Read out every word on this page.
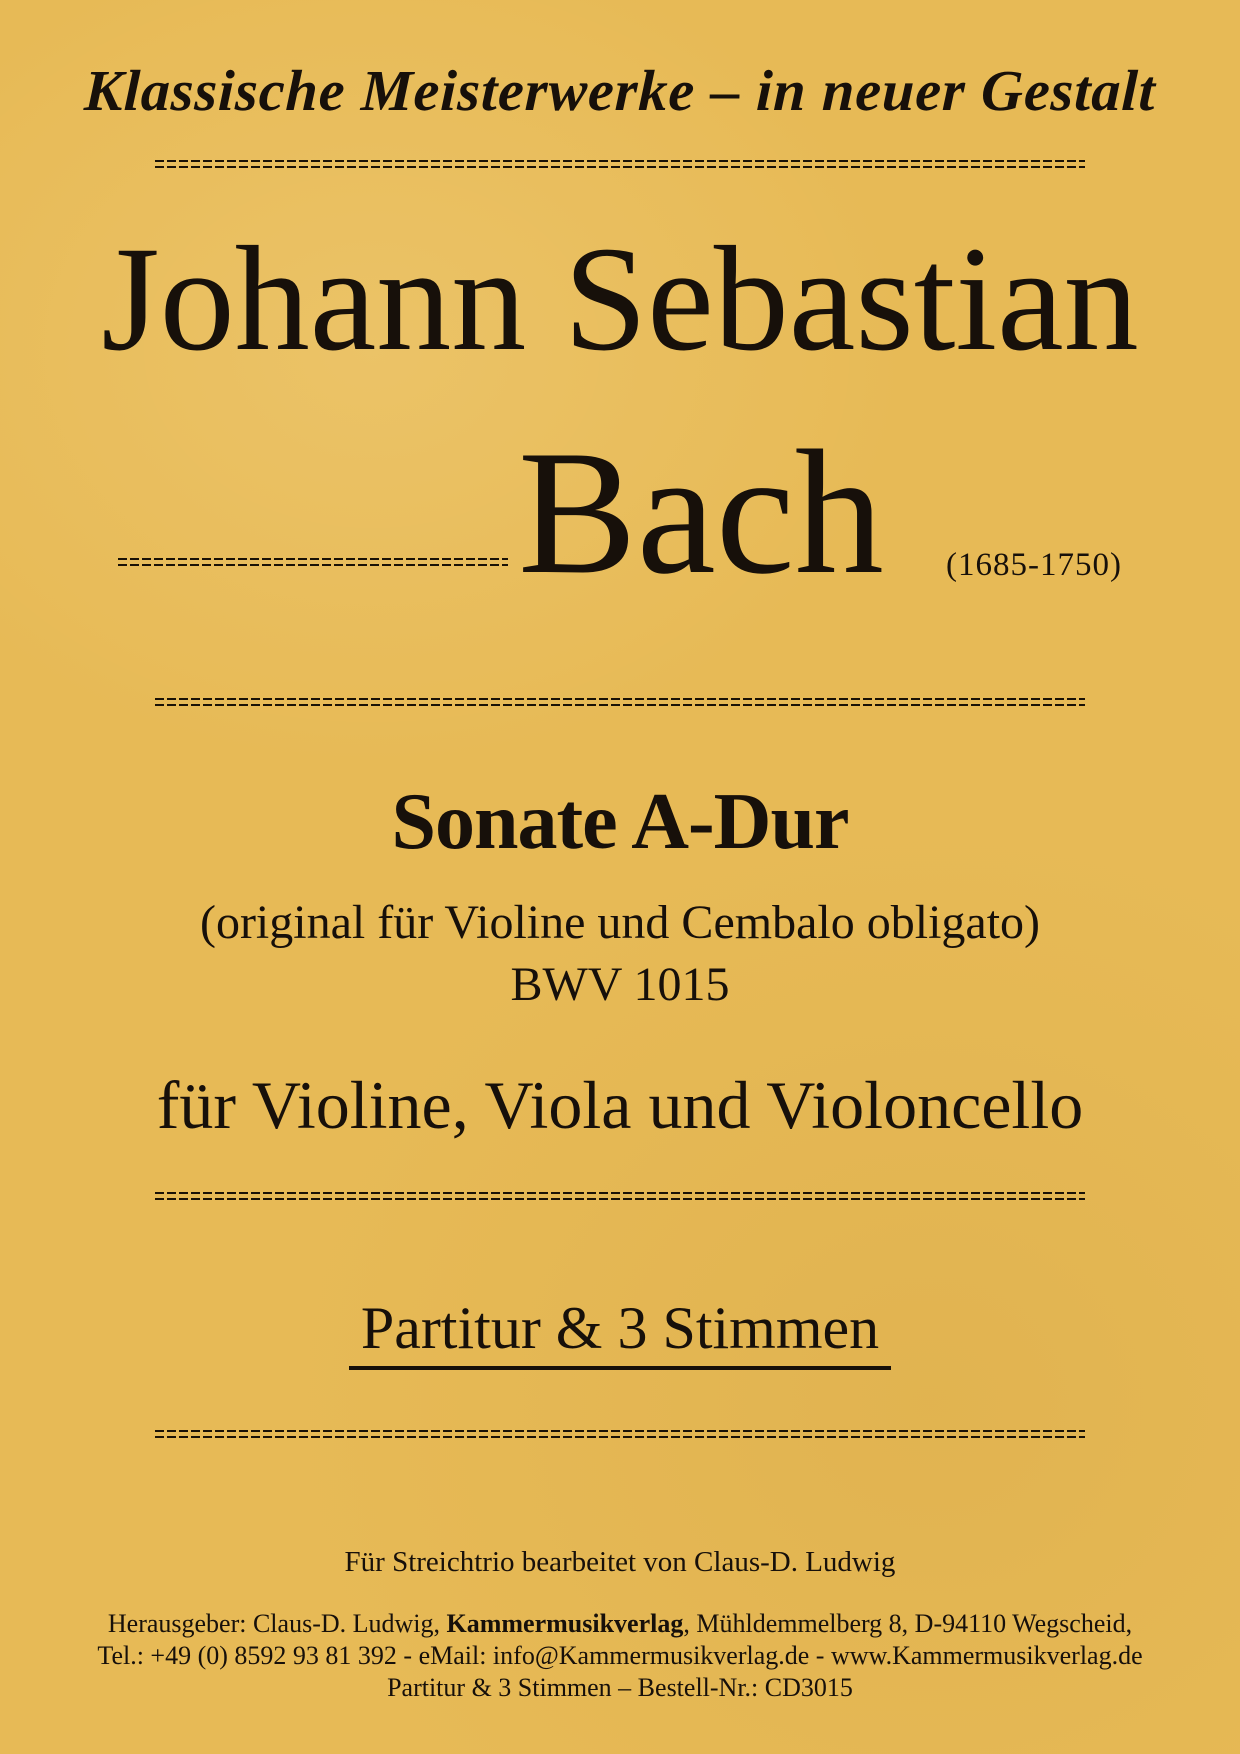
Klassische Meisterwerke – in neuer Gestalt
Johann Sebastian
Bach (1685-1750)
Sonate A-Dur
(original für Violine und Cembalo obligato)
BWV 1015
für Violine, Viola und Violoncello
Partitur & 3 Stimmen
Für Streichtrio bearbeitet von Claus-D. Ludwig
Herausgeber: Claus-D. Ludwig, Kammermusikverlag, Mühldemmelberg 8, D-94110 Wegscheid,
Tel.: +49 (0) 8592 93 81 392 - eMail: info@Kammermusikverlag.de - www.Kammermusikverlag.de
Partitur & 3 Stimmen – Bestell-Nr.: CD3015
